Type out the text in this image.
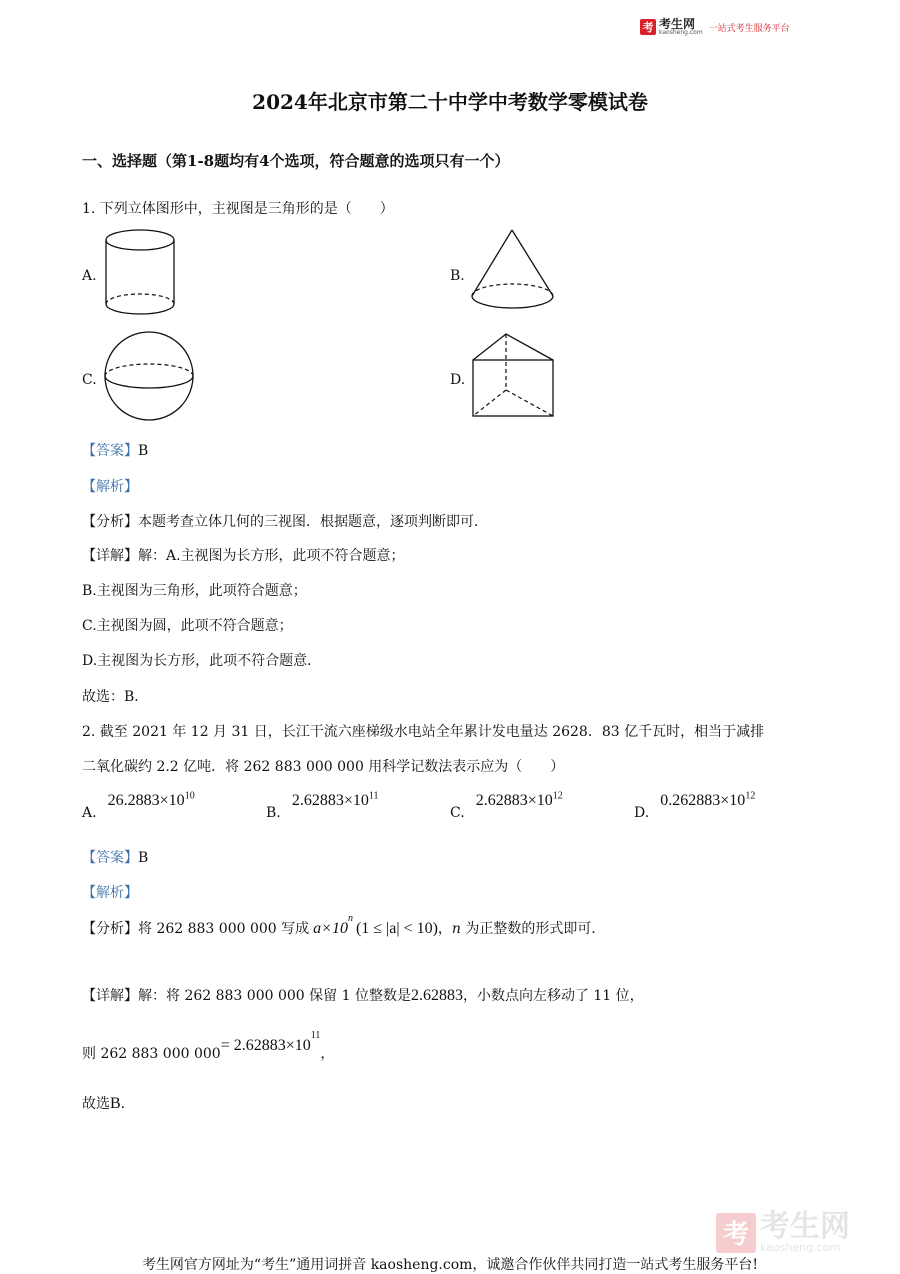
考 考生网
kaosheng.com 一站式考生服务平台
2024年北京市第二十中学中考数学零模试卷
一、选择题（第1-8题均有4个选项，符合题意的选项只有一个）
1. 下列立体图形中，主视图是三角形的是（　　）
A.	B.
C.	D.
【答案】B
【解析】
【分析】本题考查立体几何的三视图．根据题意，逐项判断即可．
【详解】解：A.主视图为长方形，此项不符合题意；
B.主视图为三角形，此项符合题意；
C.主视图为圆，此项不符合题意；
D.主视图为长方形，此项不符合题意．
故选：B．
2. 截至 2021 年 12 月 31 日，长江干流六座梯级水电站全年累计发电量达 2628．83 亿千瓦时，相当于减排
二氧化碳约 2.2 亿吨．将 262 883 000 000 用科学记数法表示应为（　　）
A. $26.2883\times 10^{10}$
B. $2.62883\times 10^{11}$
C. $2.62883\times 10^{12}$
D. $0.262883\times 10^{12}$
【答案】B
【解析】
【分析】将 262 883 000 000 写成 $a\times 10^n(1 \le |a| < 10)$，n 为正整数的形式即可．
【详解】解：将 262 883 000 000 保留 1 位整数是2.62883，小数点向左移动了 11 位，
则 262 883 000 $000= 2.62883\times 10^{11}$，
故选B．
考 考生网
kaosheng.com
考生网官方网址为“考生”通用词拼音 kaosheng.com，诚邀合作伙伴共同打造一站式考生服务平台!
